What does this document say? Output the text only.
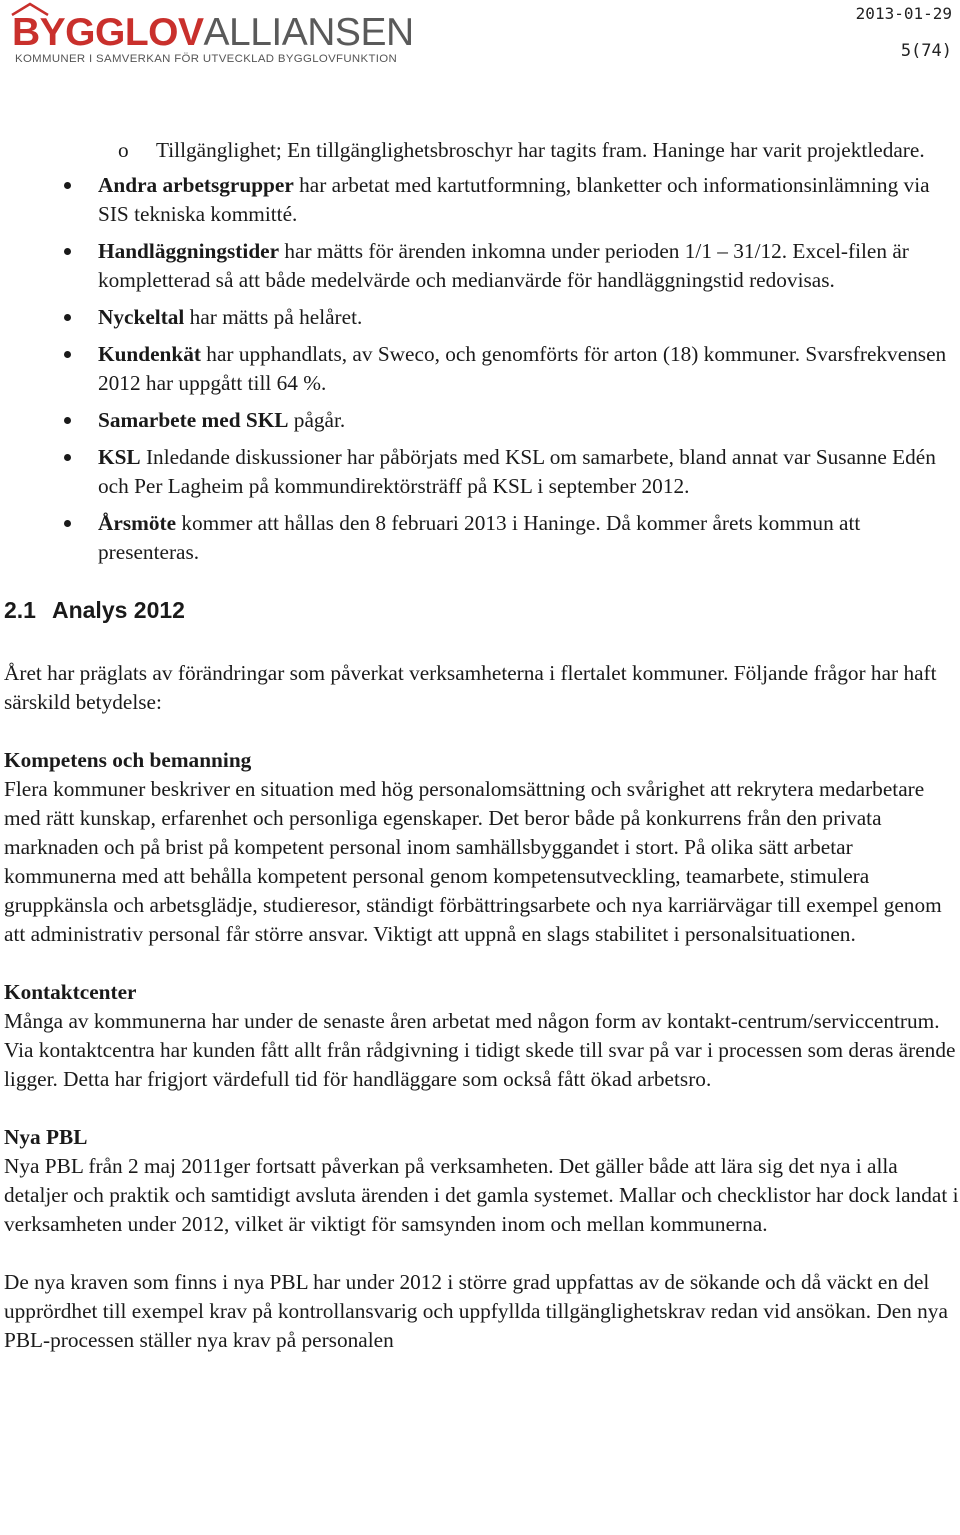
BYGGLOVALLIANSEN
KOMMUNER I SAMVERKAN FÖR UTVECKLAD BYGGLOVFUNKTION
2013-01-29
5(74)
o Tillgänglighet; En tillgänglighetsbroschyr har tagits fram. Haninge har varit projektledare.
Andra arbetsgrupper har arbetat med kartutformning, blanketter och informationsinlämning via SIS tekniska kommitté.
Handläggningstider har mätts för ärenden inkomna under perioden 1/1 – 31/12. Excel-filen är kompletterad så att både medelvärde och medianvärde för handläggningstid redovisas.
Nyckeltal har mätts på helåret.
Kundenkät har upphandlats, av Sweco, och genomförts för arton (18) kommuner. Svarsfrekvensen 2012 har uppgått till 64 %.
Samarbete med SKL pågår.
KSL Inledande diskussioner har påbörjats med KSL om samarbete, bland annat var Susanne Edén och Per Lagheim på kommundirektörsträff på KSL i september 2012.
Årsmöte kommer att hållas den 8 februari 2013 i Haninge. Då kommer årets kommun att presenteras.
2.1 Analys 2012

Året har präglats av förändringar som påverkat verksamheterna i flertalet kommuner. Följande frågor har haft särskild betydelse:

Kompetens och bemanning

Flera kommuner beskriver en situation med hög personalomsättning och svårighet att rekrytera medarbetare med rätt kunskap, erfarenhet och personliga egenskaper. Det beror både på konkurrens från den privata marknaden och på brist på kompetent personal inom samhällsbyggandet i stort. På olika sätt arbetar kommunerna med att behålla kompetent personal genom kompetensutveckling, teamarbete, stimulera gruppkänsla och arbetsglädje, studieresor, ständigt förbättringsarbete och nya karriärvägar till exempel genom att administrativ personal får större ansvar. Viktigt att uppnå en slags stabilitet i personalsituationen.

Kontaktcenter

Många av kommunerna har under de senaste åren arbetat med någon form av kontakt-centrum/serviccentrum. Via kontaktcentra har kunden fått allt från rådgivning i tidigt skede till svar på var i processen som deras ärende ligger. Detta har frigjort värdefull tid för handläggare som också fått ökad arbetsro.

Nya PBL

Nya PBL från 2 maj 2011ger fortsatt påverkan på verksamheten. Det gäller både att lära sig det nya i alla detaljer och praktik och samtidigt avsluta ärenden i det gamla systemet. Mallar och checklistor har dock landat i verksamheten under 2012, vilket är viktigt för samsynden inom och mellan kommunerna.

De nya kraven som finns i nya PBL har under 2012 i större grad uppfattas av de sökande och då väckt en del upprördhet till exempel krav på kontrollansvarig och uppfyllda tillgänglighetskrav redan vid ansökan. Den nya PBL-processen ställer nya krav på personalen
